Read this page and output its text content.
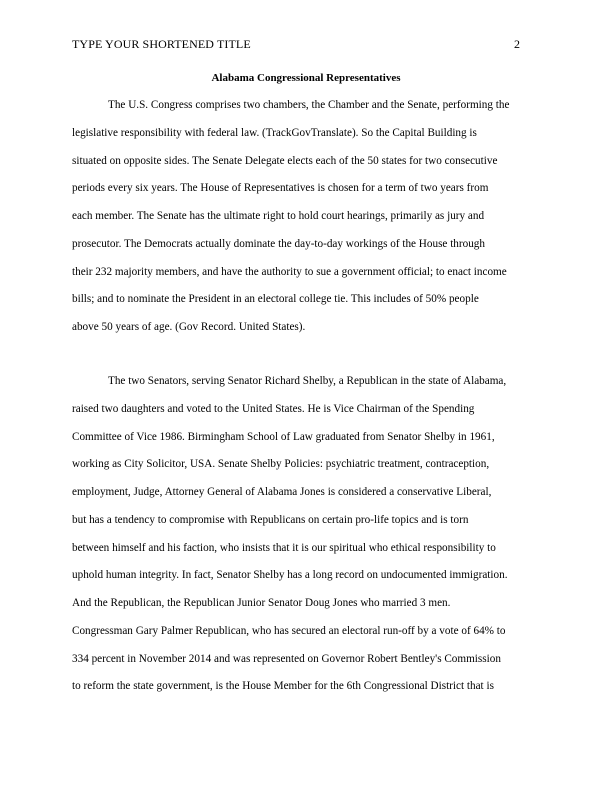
TYPE YOUR SHORTENED TITLE	2
Alabama Congressional Representatives
The U.S. Congress comprises two chambers, the Chamber and the Senate, performing the
legislative responsibility with federal law. (TrackGovTranslate). So the Capital Building is
situated on opposite sides. The Senate Delegate elects each of the 50 states for two consecutive
periods every six years. The House of Representatives is chosen for a term of two years from
each member. The Senate has the ultimate right to hold court hearings, primarily as jury and
prosecutor. The Democrats actually dominate the day-to-day workings of the House through
their 232 majority members, and have the authority to sue a government official; to enact income
bills; and to nominate the President in an electoral college tie. This includes of 50% people
above 50 years of age. (Gov Record. United States).
The two Senators, serving Senator Richard Shelby, a Republican in the state of Alabama,
raised two daughters and voted to the United States. He is Vice Chairman of the Spending
Committee of Vice 1986. Birmingham School of Law graduated from Senator Shelby in 1961,
working as City Solicitor, USA. Senate Shelby Policies: psychiatric treatment, contraception,
employment, Judge, Attorney General of Alabama Jones is considered a conservative Liberal,
but has a tendency to compromise with Republicans on certain pro-life topics and is torn
between himself and his faction, who insists that it is our spiritual who ethical responsibility to
uphold human integrity. In fact, Senator Shelby has a long record on undocumented immigration.
And the Republican, the Republican Junior Senator Doug Jones who married 3 men.
Congressman Gary Palmer Republican, who has secured an electoral run-off by a vote of 64% to
334 percent in November 2014 and was represented on Governor Robert Bentley's Commission
to reform the state government, is the House Member for the 6th Congressional District that is
